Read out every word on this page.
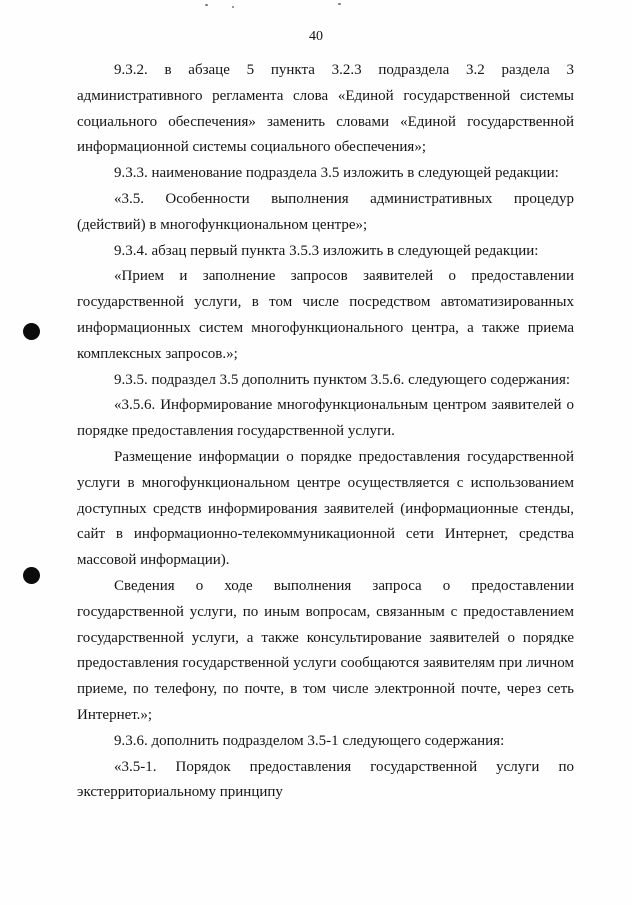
40

9.3.2. в абзаце 5 пункта 3.2.3 подраздела 3.2 раздела 3 административного регламента слова «Единой государственной системы социального обеспечения» заменить словами «Единой государственной информационной системы социального обеспечения»;

9.3.3. наименование подраздела 3.5 изложить в следующей редакции:

«3.5. Особенности выполнения административных процедур (действий) в многофункциональном центре»;

9.3.4. абзац первый пункта 3.5.3 изложить в следующей редакции:

«Прием и заполнение запросов заявителей о предоставлении государственной услуги, в том числе посредством автоматизированных информационных систем многофункционального центра, а также приема комплексных запросов.»;

9.3.5. подраздел 3.5 дополнить пунктом 3.5.6. следующего содержания:

«3.5.6. Информирование многофункциональным центром заявителей о порядке предоставления государственной услуги.

Размещение информации о порядке предоставления государственной услуги в многофункциональном центре осуществляется с использованием доступных средств информирования заявителей (информационные стенды, сайт в информационно-телекоммуникационной сети Интернет, средства массовой информации).

Сведения о ходе выполнения запроса о предоставлении государственной услуги, по иным вопросам, связанным с предоставлением государственной услуги, а также консультирование заявителей о порядке предоставления государственной услуги сообщаются заявителям при личном приеме, по телефону, по почте, в том числе электронной почте, через сеть Интернет.»;

9.3.6. дополнить подразделом 3.5-1 следующего содержания:

«3.5-1. Порядок предоставления государственной услуги по экстерриториальному принципу
